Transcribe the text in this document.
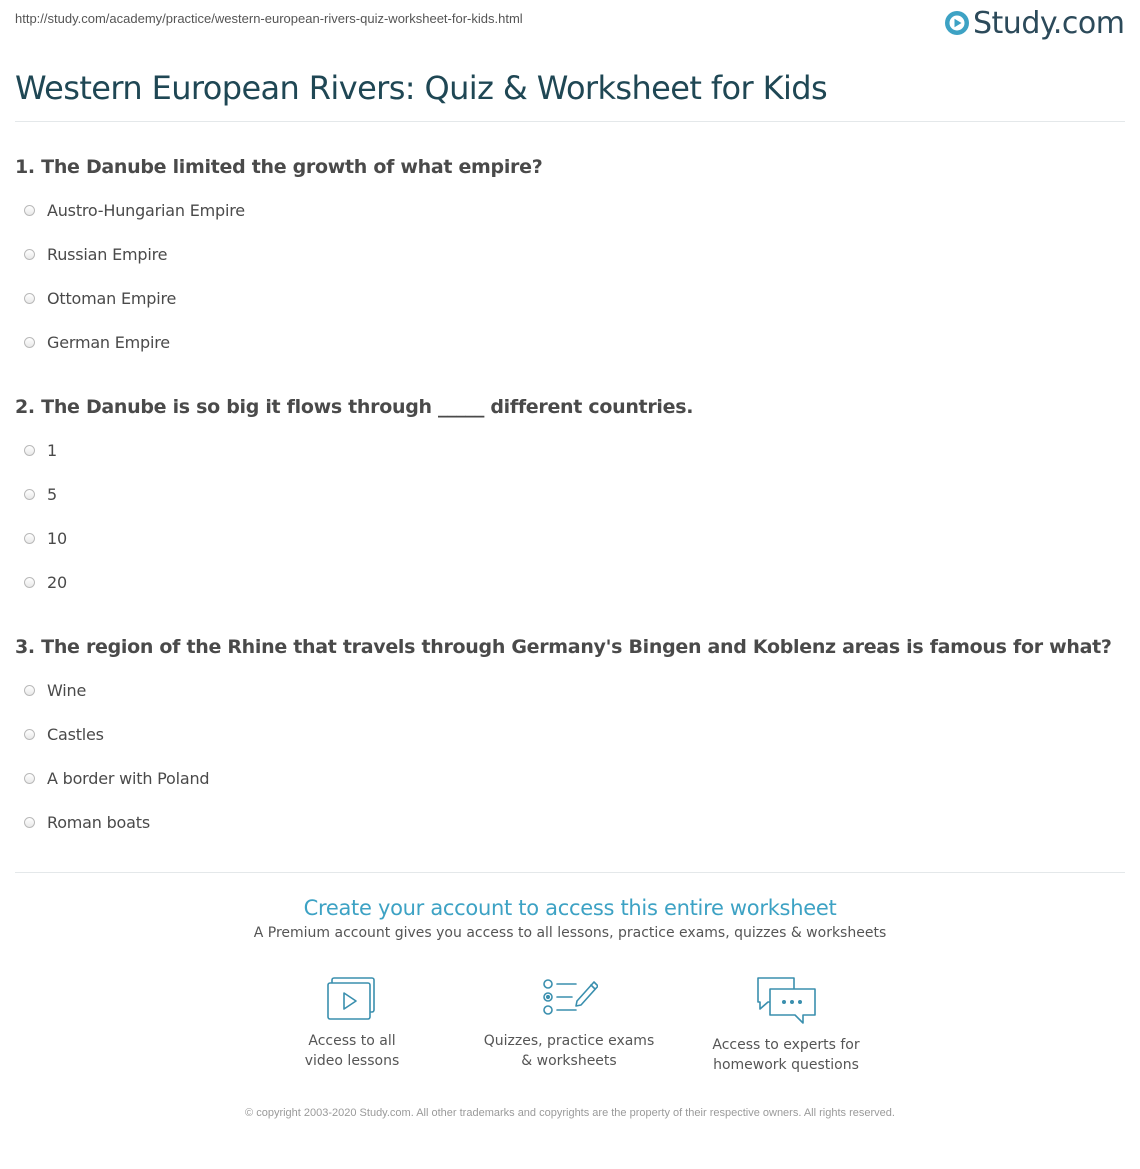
http://study.com/academy/practice/western-european-rivers-quiz-worksheet-for-kids.html	Study.com
Western European Rivers: Quiz & Worksheet for Kids
1. The Danube limited the growth of what empire?
Austro-Hungarian Empire
Russian Empire
Ottoman Empire
German Empire
2. The Danube is so big it flows through _____ different countries.
1
5
10
20
3. The region of the Rhine that travels through Germany's Bingen and Koblenz areas is famous for what?
Wine
Castles
A border with Poland
Roman boats
Create your account to access this entire worksheet
A Premium account gives you access to all lessons, practice exams, quizzes & worksheets
Access to all
video lessons
Quizzes, practice exams
& worksheets
Access to experts for
homework questions
© copyright 2003-2020 Study.com. All other trademarks and copyrights are the property of their respective owners. All rights reserved.
